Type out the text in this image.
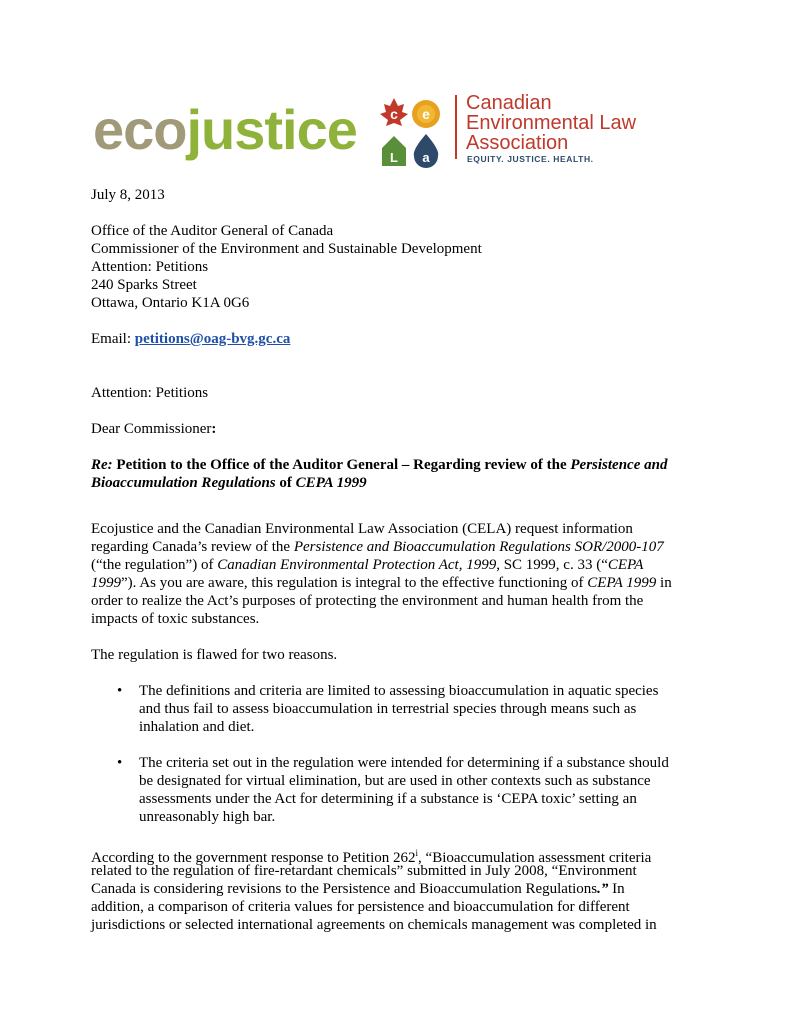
ecojustice c e
L a
Canadian
Environmental Law
Association
EQUITY. JUSTICE. HEALTH.
July 8, 2013
Office of the Auditor General of Canada
Commissioner of the Environment and Sustainable Development
Attention: Petitions
240 Sparks Street
Ottawa, Ontario K1A 0G6
Email: petitions@oag-bvg.gc.ca
Attention: Petitions
Dear Commissioner:
Re: Petition to the Office of the Auditor General – Regarding review of the Persistence and
Bioaccumulation Regulations of CEPA 1999
Ecojustice and the Canadian Environmental Law Association (CELA) request information
regarding Canada’s review of the Persistence and Bioaccumulation Regulations SOR/2000-107
(“the regulation”) of Canadian Environmental Protection Act, 1999, SC 1999, c. 33 (“CEPA
1999”). As you are aware, this regulation is integral to the effective functioning of CEPA 1999 in
order to realize the Act’s purposes of protecting the environment and human health from the
impacts of toxic substances.
The regulation is flawed for two reasons.
• The definitions and criteria are limited to assessing bioaccumulation in aquatic species
and thus fail to assess bioaccumulation in terrestrial species through means such as
inhalation and diet.
• The criteria set out in the regulation were intended for determining if a substance should
be designated for virtual elimination, but are used in other contexts such as substance
assessments under the Act for determining if a substance is ‘CEPA toxic’ setting an
unreasonably high bar.
According to the government response to Petition 262$^i$, “Bioaccumulation assessment criteria
related to the regulation of fire-retardant chemicals” submitted in July 2008, “Environment
Canada is considering revisions to the Persistence and Bioaccumulation Regulations.” In
addition, a comparison of criteria values for persistence and bioaccumulation for different
jurisdictions or selected international agreements on chemicals management was completed in
